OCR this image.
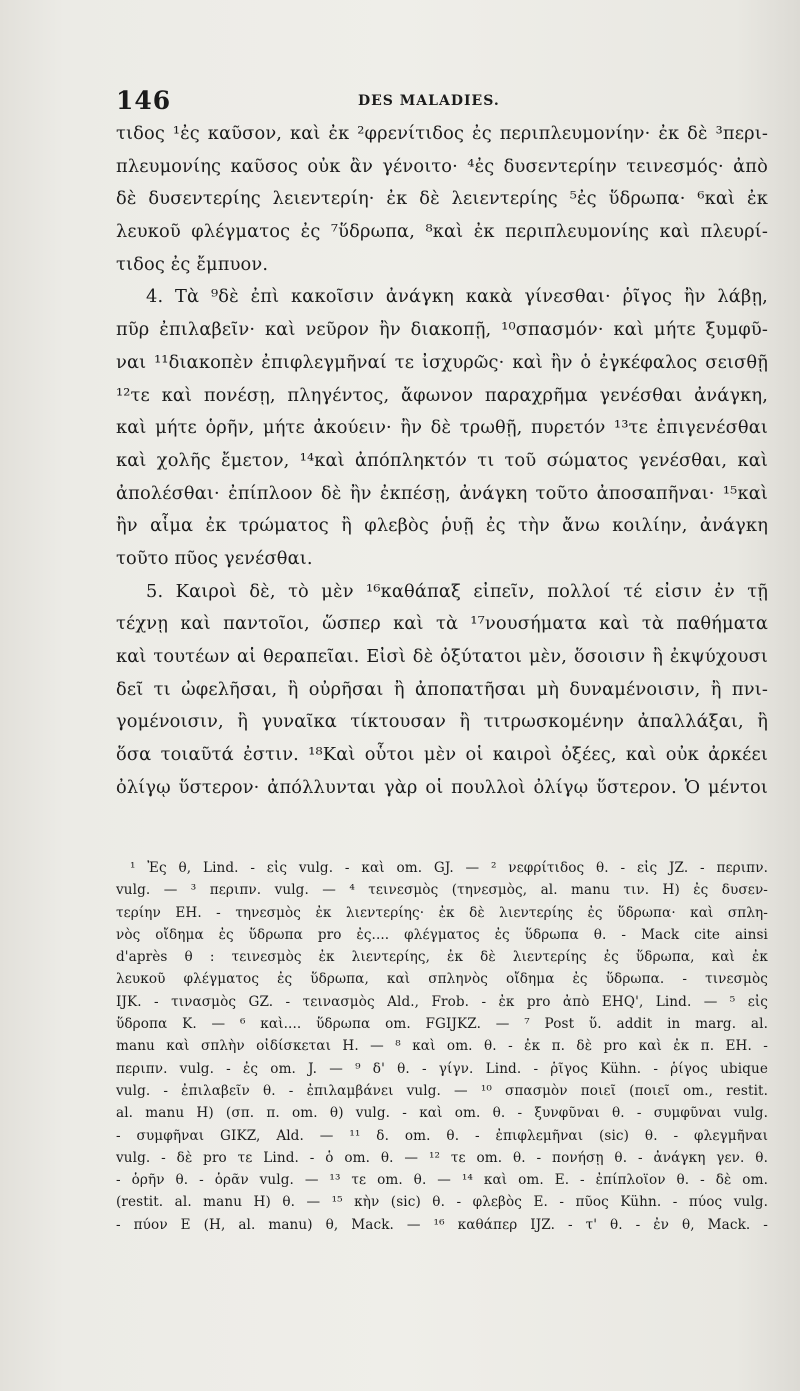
146	DES MALADIES.
τιδος ¹ἐς καῦσον, καὶ ἐκ ²φρενίτιδος ἐς περιπλευμονίην· ἐκ δὲ ³περι-
πλευμονίης καῦσος οὐκ ἂν γένοιτο· ⁴ἐς δυσεντερίην τεινεσμός· ἀπὸ
δὲ δυσεντερίης λειεντερίη· ἐκ δὲ λειεντερίης ⁵ἐς ὕδρωπα· ⁶καὶ ἐκ
λευκοῦ φλέγματος ἐς ⁷ὕδρωπα, ⁸καὶ ἐκ περιπλευμονίης καὶ πλευρί-
τιδος ἐς ἔμπυον.
4. Τὰ ⁹δὲ ἐπὶ κακοῖσιν ἀνάγκη κακὰ γίνεσθαι· ῥῖγος ἢν λάβῃ,
πῦρ ἐπιλαβεῖν· καὶ νεῦρον ἢν διακοπῇ, ¹⁰σπασμόν· καὶ μήτε ξυμφῦ-
ναι ¹¹διακοπὲν ἐπιφλεγμῆναί τε ἰσχυρῶς· καὶ ἢν ὁ ἐγκέφαλος σεισθῇ
¹²τε καὶ πονέσῃ, πληγέντος, ἄφωνον παραχρῆμα γενέσθαι ἀνάγκη,
καὶ μήτε ὁρῆν, μήτε ἀκούειν· ἢν δὲ τρωθῇ, πυρετόν ¹³τε ἐπιγενέσθαι
καὶ χολῆς ἔμετον, ¹⁴καὶ ἀπόπληκτόν τι τοῦ σώματος γενέσθαι, καὶ
ἀπολέσθαι· ἐπίπλοον δὲ ἢν ἐκπέσῃ, ἀνάγκη τοῦτο ἀποσαπῆναι· ¹⁵καὶ
ἢν αἷμα ἐκ τρώματος ἢ φλεβὸς ῥυῇ ἐς τὴν ἄνω κοιλίην, ἀνάγκη
τοῦτο πῦος γενέσθαι.
5. Καιροὶ δὲ, τὸ μὲν ¹⁶καθάπαξ εἰπεῖν, πολλοί τέ εἰσιν ἐν τῇ
τέχνῃ καὶ παντοῖοι, ὥσπερ καὶ τὰ ¹⁷νουσήματα καὶ τὰ παθήματα
καὶ τουτέων αἱ θεραπεῖαι. Εἰσὶ δὲ ὀξύτατοι μὲν, ὅσοισιν ἢ ἐκψύχουσι
δεῖ τι ὠφελῆσαι, ἢ οὐρῆσαι ἢ ἀποπατῆσαι μὴ δυναμένοισιν, ἢ πνι-
γομένοισιν, ἢ γυναῖκα τίκτουσαν ἢ τιτρωσκομένην ἀπαλλάξαι, ἢ
ὅσα τοιαῦτά ἐστιν. ¹⁸Καὶ οὗτοι μὲν οἱ καιροὶ ὀξέες, καὶ οὐκ ἀρκέει
ὀλίγῳ ὕστερον· ἀπόλλυνται γὰρ οἱ πουλλοὶ ὀλίγῳ ὕστερον. Ὁ μέντοι
¹ Ἐς θ, Lind. - εἰς vulg. - καὶ om. GJ. — ² νεφρίτιδος θ. - εἰς JZ. - περιπν.
vulg. — ³ περιπν. vulg. — ⁴ τεινεσμὸς (τηνεσμὸς, al. manu τιν. H) ἐς δυσεν-
τερίην EH. - τηνεσμὸς ἐκ λιεντερίης· ἐκ δὲ λιεντερίης ἐς ὕδρωπα· καὶ σπλη-
νὸς οἴδημα ἐς ὕδρωπα pro ἐς.... φλέγματος ἐς ὕδρωπα θ. - Mack cite ainsi
d'après θ : τεινεσμὸς ἐκ λιεντερίης, ἐκ δὲ λιεντερίης ἐς ὕδρωπα, καὶ ἐκ
λευκοῦ φλέγματος ἐς ὕδρωπα, καὶ σπληνὸς οἴδημα ἐς ὕδρωπα. - τινεσμὸς
IJK. - τινασμὸς GZ. - τεινασμὸς Ald., Frob. - ἐκ pro ἀπὸ EHQ', Lind. — ⁵ εἰς
ὕδροπα K. — ⁶ καὶ.... ὕδρωπα om. FGIJKZ. — ⁷ Post ὕ. addit in marg. al.
manu καὶ σπλὴν οἰδίσκεται H. — ⁸ καὶ om. θ. - ἐκ π. δὲ pro καὶ ἐκ π. EH. -
περιπν. vulg. - ἐς om. J. — ⁹ δ' θ. - γίγν. Lind. - ῥῖγος Kühn. - ῥίγος ubique
vulg. - ἐπιλαβεῖν θ. - ἐπιλαμβάνει vulg. — ¹⁰ σπασμὸν ποιεῖ (ποιεῖ om., restit.
al. manu H) (σπ. π. om. θ) vulg. - καὶ om. θ. - ξυνφῦναι θ. - συμφῦναι vulg.
- συμφῆναι GIKZ, Ald. — ¹¹ δ. om. θ. - ἐπιφλεμῆναι (sic) θ. - φλεγμῆναι
vulg. - δὲ pro τε Lind. - ὁ om. θ. — ¹² τε om. θ. - πονήσῃ θ. - ἀνάγκη γεν. θ.
- ὁρῆν θ. - ὁρᾶν vulg. — ¹³ τε om. θ. — ¹⁴ καὶ om. E. - ἐπίπλοϊον θ. - δὲ om.
(restit. al. manu H) θ. — ¹⁵ κὴν (sic) θ. - φλεβὸς E. - πῦος Kühn. - πύος vulg.
- πύον E (H, al. manu) θ, Mack. — ¹⁶ καθάπερ IJZ. - τ' θ. - ἐν θ, Mack. -
